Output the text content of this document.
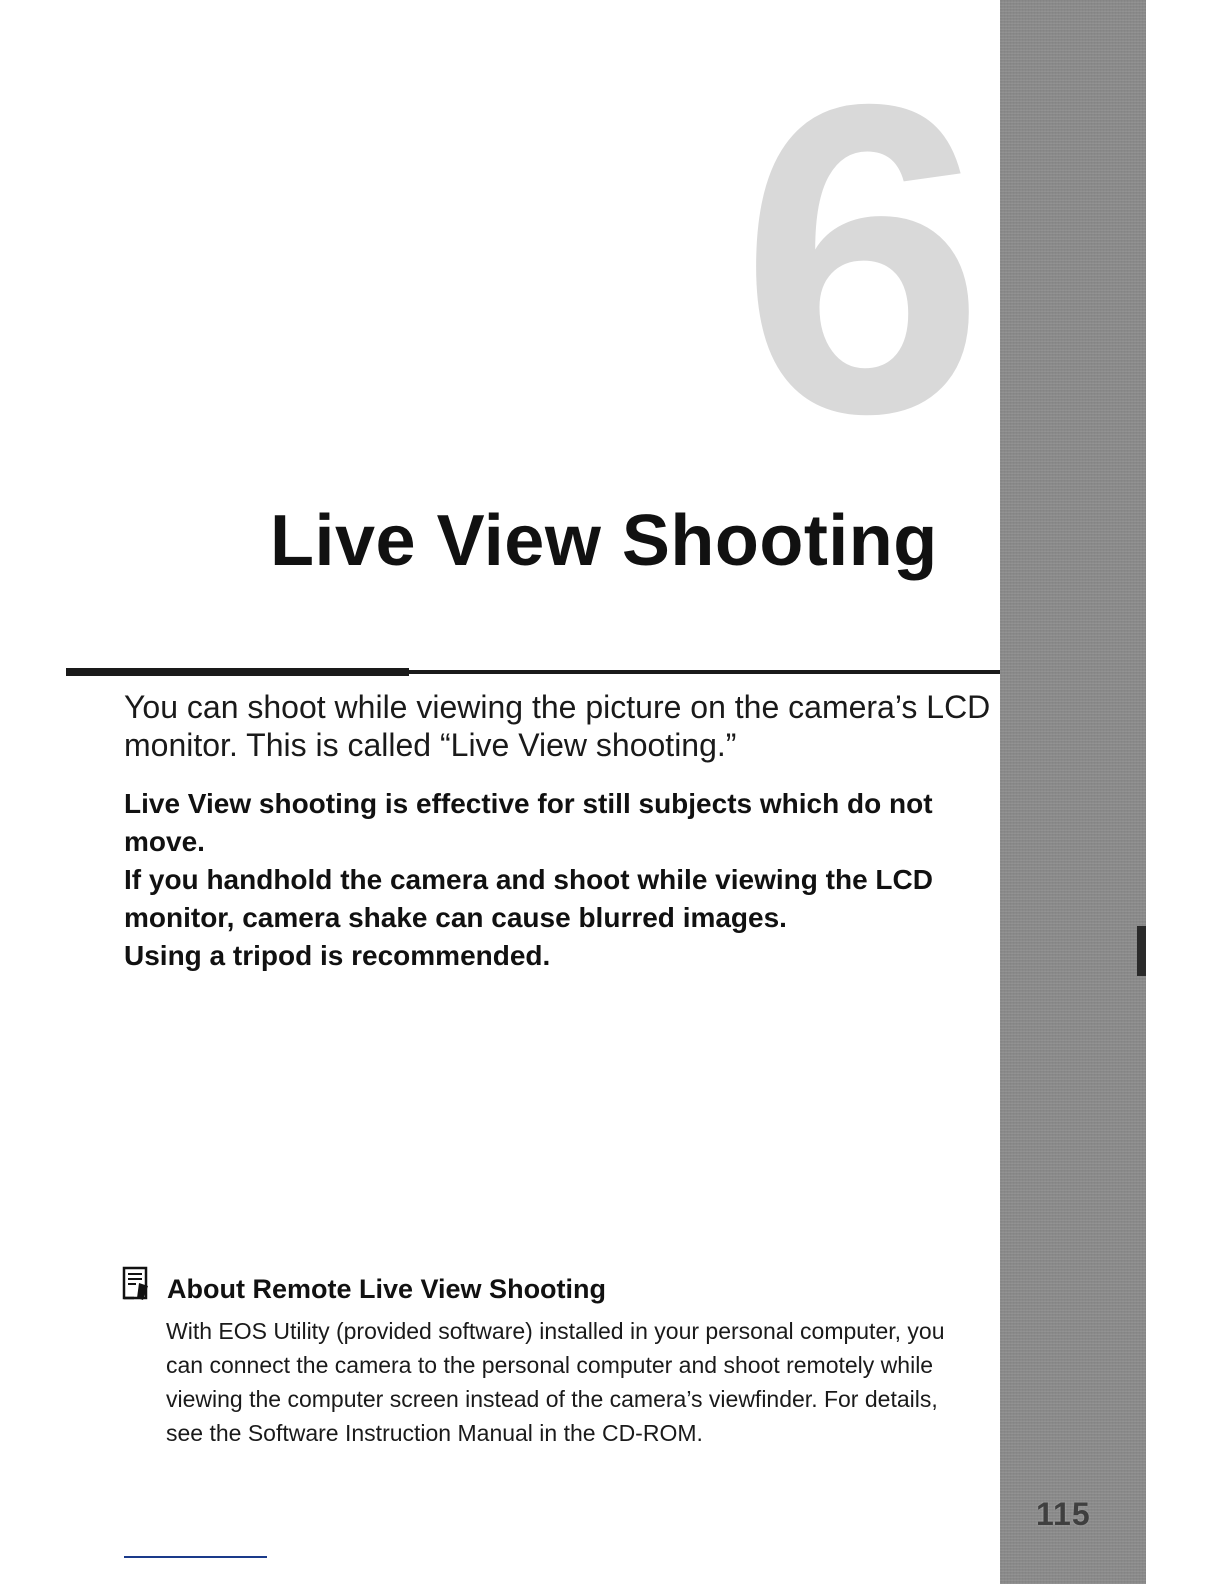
115
6
Live View Shooting

You can shoot while viewing the picture on the camera’s LCD monitor. This is called “Live View shooting.”

Live View shooting is effective for still subjects which do not move.
If you handhold the camera and shoot while viewing the LCD monitor, camera shake can cause blurred images.
Using a tripod is recommended.
About Remote Live View Shooting

With EOS Utility (provided software) installed in your personal computer, you can connect the camera to the personal computer and shoot remotely while viewing the computer screen instead of the camera’s viewfinder. For details, see the Software Instruction Manual in the CD-ROM.
